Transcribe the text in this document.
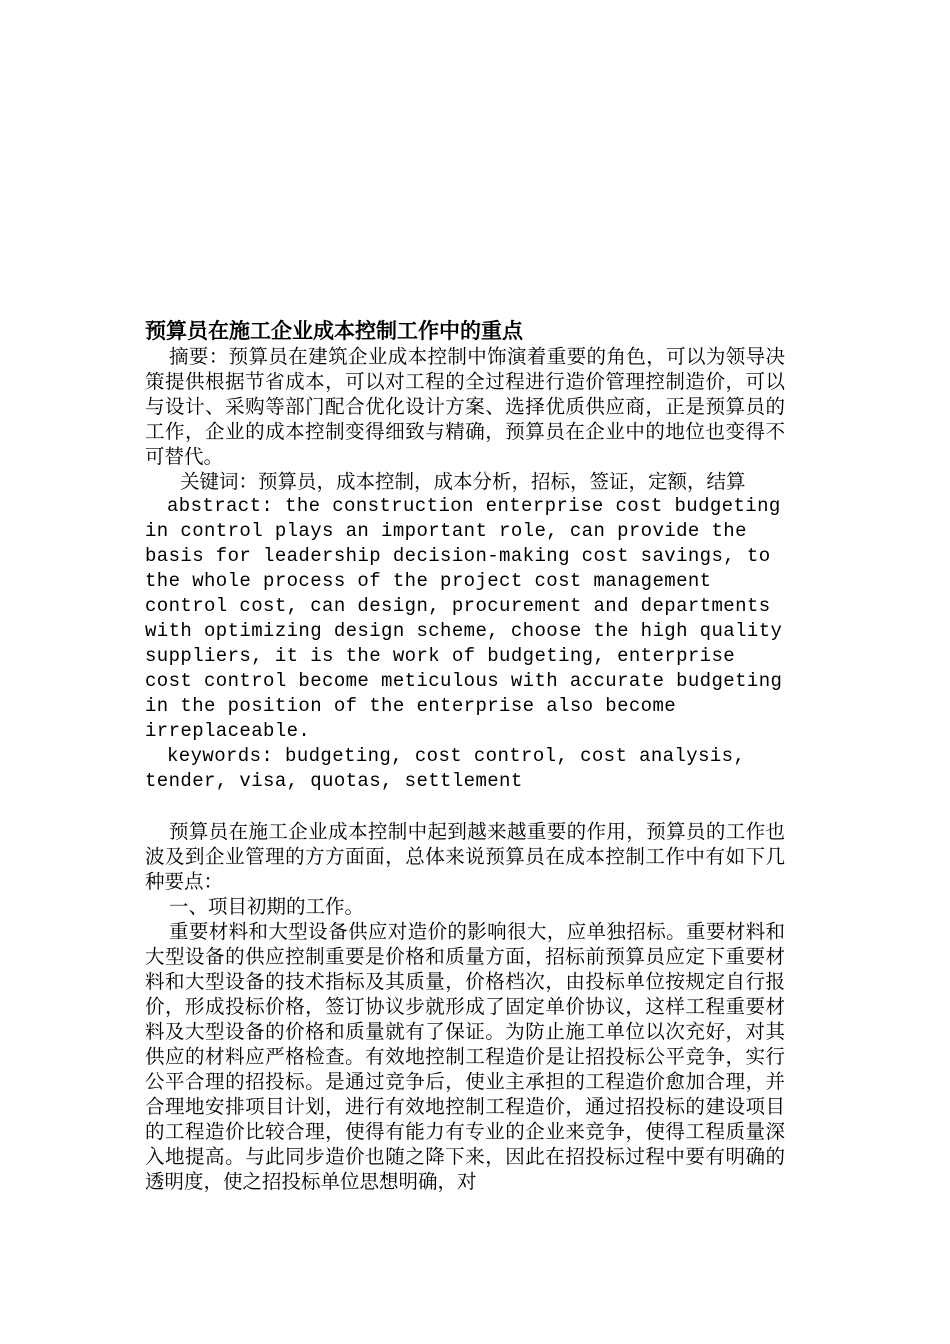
预算员在施工企业成本控制工作中的重点

摘要：预算员在建筑企业成本控制中饰演着重要的角色，可以为领导决策提供根据节省成本，可以对工程的全过程进行造价管理控制造价，可以与设计、采购等部门配合优化设计方案、选择优质供应商，正是预算员的工作，企业的成本控制变得细致与精确，预算员在企业中的地位也变得不可替代。

关键词：预算员，成本控制，成本分析，招标，签证，定额，结算

abstract: the construction enterprise cost budgeting in control plays an important role, can provide the basis for leadership decision-making cost savings, to the whole process of the project cost management control cost, can design, procurement and departments with optimizing design scheme, choose the high quality suppliers, it is the work of budgeting, enterprise cost control become meticulous with accurate budgeting in the position of the enterprise also become irreplaceable.

keywords: budgeting, cost control, cost analysis, tender, visa, quotas, settlement

预算员在施工企业成本控制中起到越来越重要的作用，预算员的工作也波及到企业管理的方方面面，总体来说预算员在成本控制工作中有如下几种要点：

一、项目初期的工作。

重要材料和大型设备供应对造价的影响很大，应单独招标。重要材料和大型设备的供应控制重要是价格和质量方面，招标前预算员应定下重要材料和大型设备的技术指标及其质量，价格档次，由投标单位按规定自行报价，形成投标价格，签订协议步就形成了固定单价协议，这样工程重要材料及大型设备的价格和质量就有了保证。为防止施工单位以次充好，对其供应的材料应严格检查。有效地控制工程造价是让招投标公平竞争，实行公平合理的招投标。是通过竞争后，使业主承担的工程造价愈加合理，并合理地安排项目计划，进行有效地控制工程造价，通过招投标的建设项目的工程造价比较合理，使得有能力有专业的企业来竞争，使得工程质量深入地提高。与此同步造价也随之降下来，因此在招投标过程中要有明确的透明度，使之招投标单位思想明确，对
